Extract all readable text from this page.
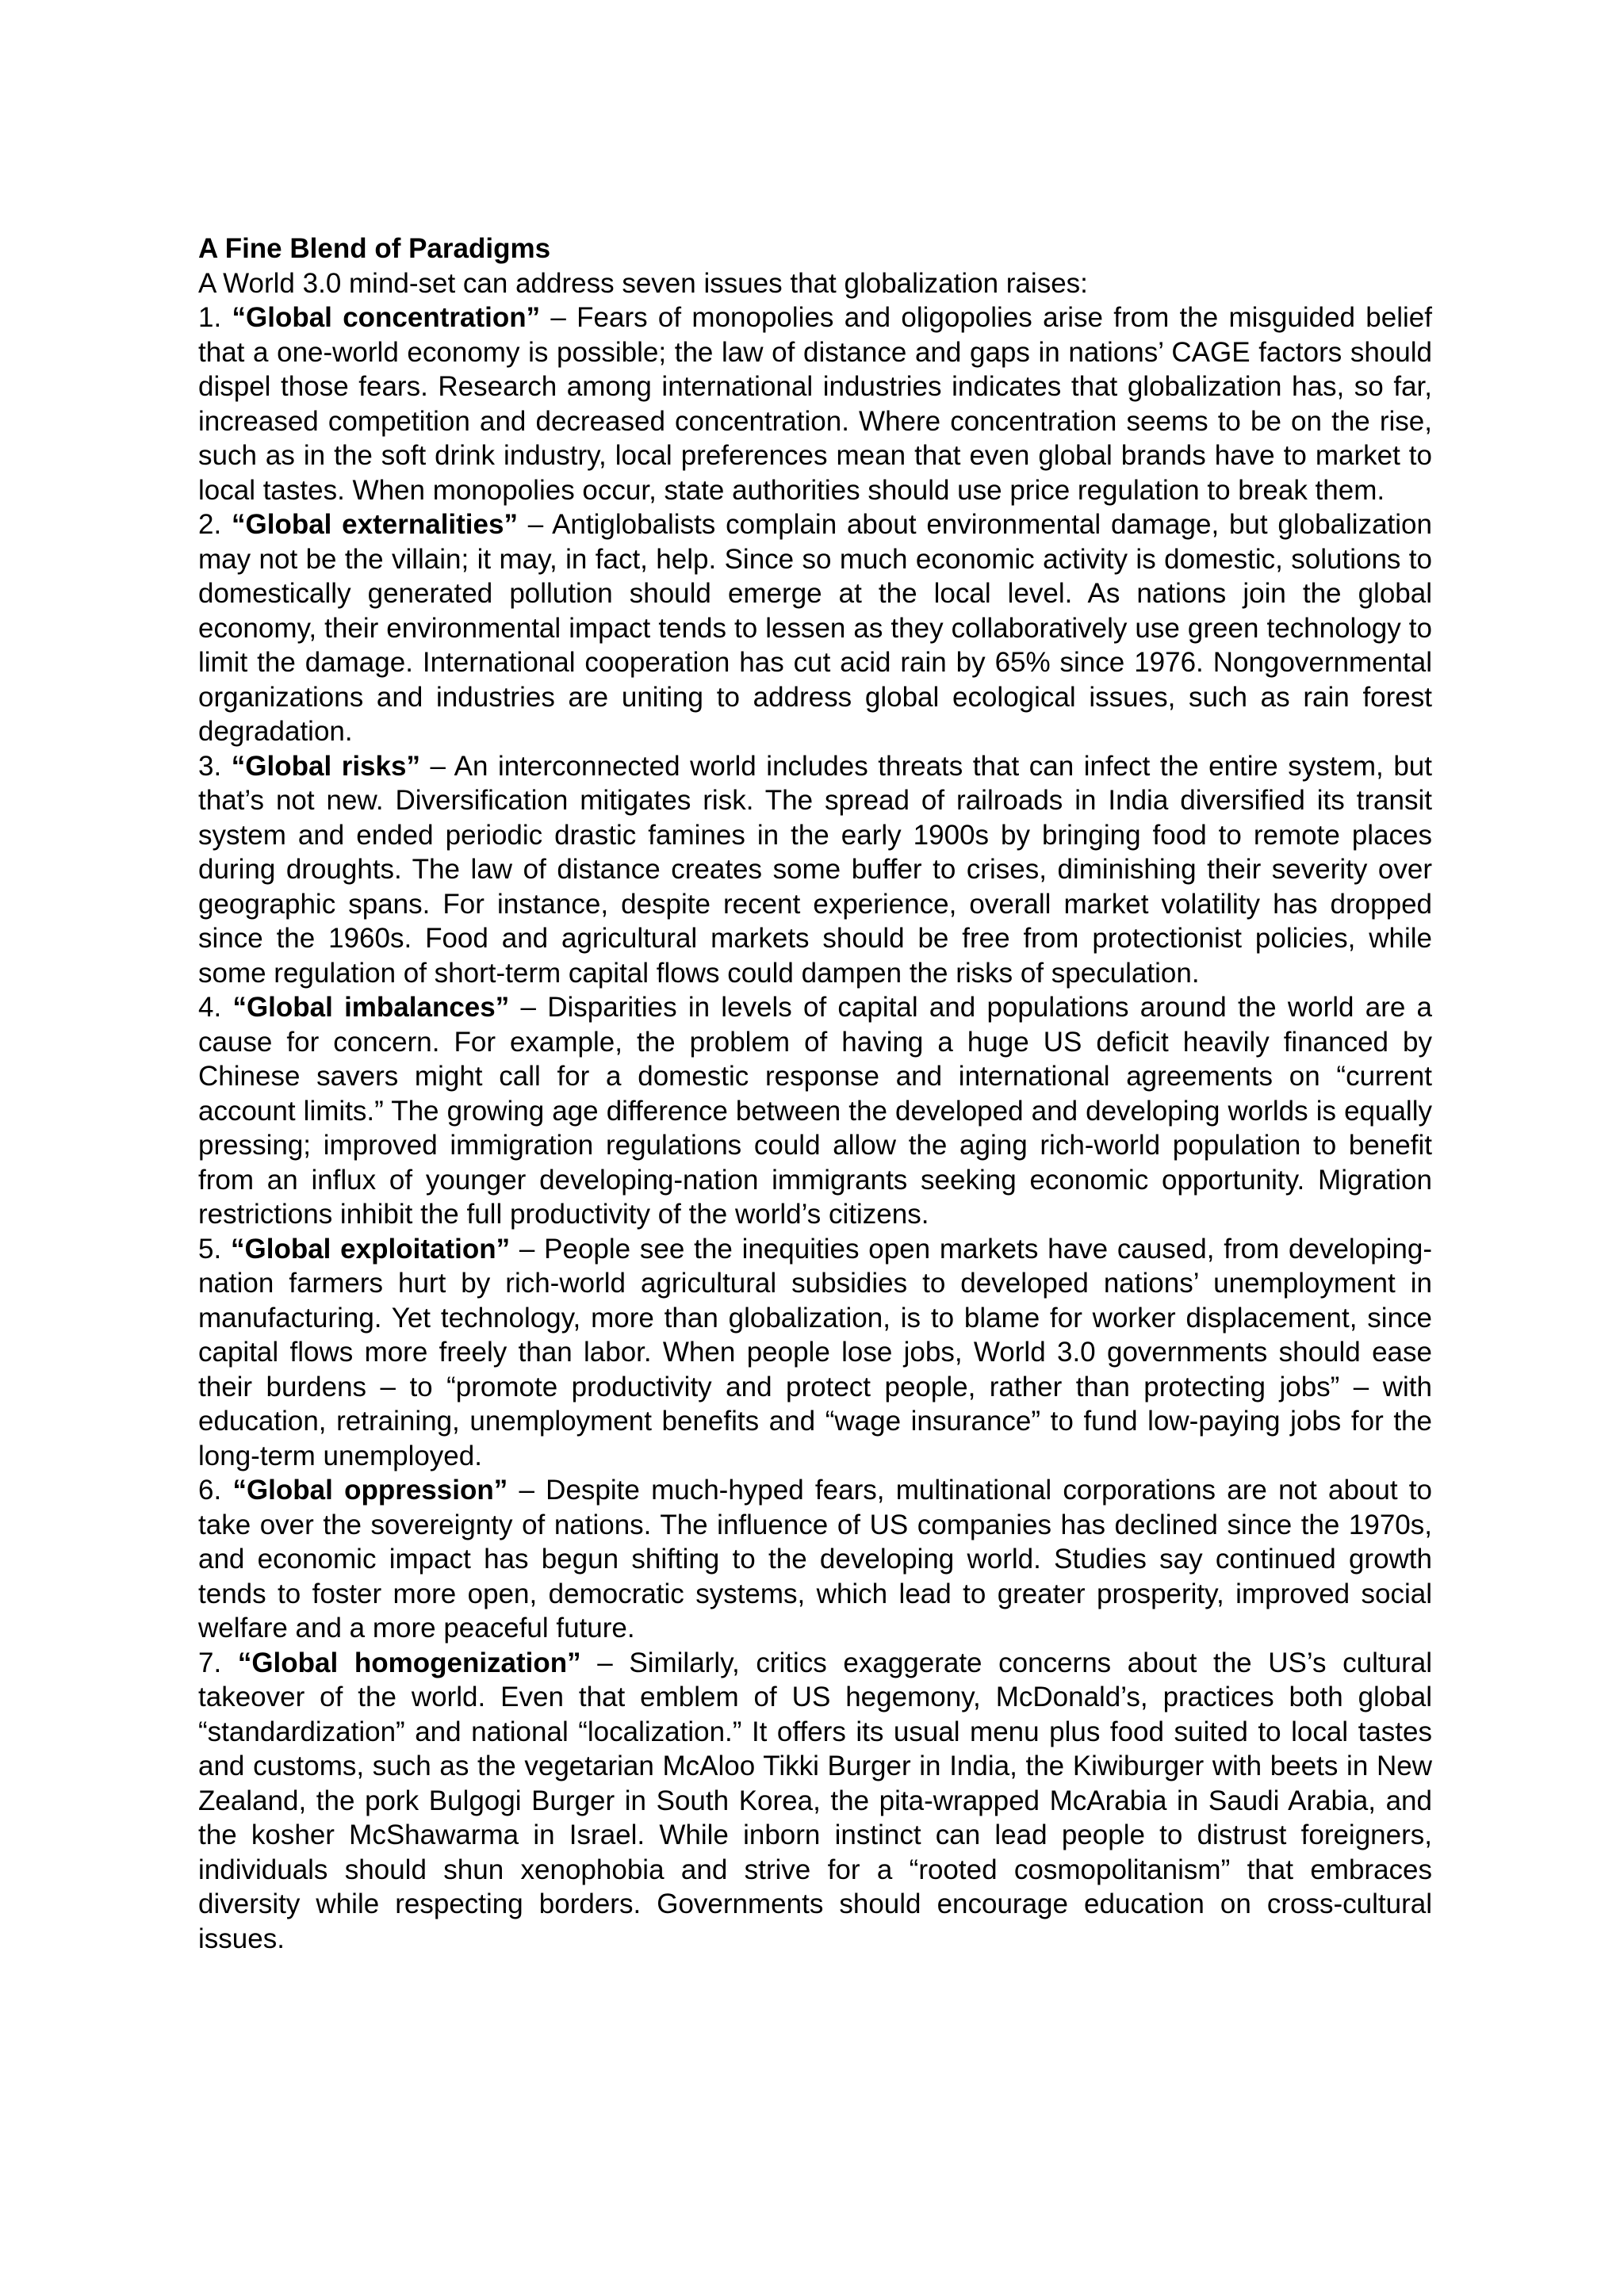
A Fine Blend of Paradigms

A World 3.0 mind-set can address seven issues that globalization raises:

1. “Global concentration” – Fears of monopolies and oligopolies arise from the misguided belief that a one-world economy is possible; the law of distance and gaps in nations’ CAGE factors should dispel those fears. Research among international industries indicates that globalization has, so far, increased competition and decreased concentration. Where concentration seems to be on the rise, such as in the soft drink industry, local preferences mean that even global brands have to market to local tastes. When monopolies occur, state authorities should use price regulation to break them.

2. “Global externalities” – Antiglobalists complain about environmental damage, but globalization may not be the villain; it may, in fact, help. Since so much economic activity is domestic, solutions to domestically generated pollution should emerge at the local level. As nations join the global economy, their environmental impact tends to lessen as they collaboratively use green technology to limit the damage. International cooperation has cut acid rain by 65% since 1976. Nongovernmental organizations and industries are uniting to address global ecological issues, such as rain forest degradation.

3. “Global risks” – An interconnected world includes threats that can infect the entire system, but that’s not new. Diversification mitigates risk. The spread of railroads in India diversified its transit system and ended periodic drastic famines in the early 1900s by bringing food to remote places during droughts. The law of distance creates some buffer to crises, diminishing their severity over geographic spans. For instance, despite recent experience, overall market volatility has dropped since the 1960s. Food and agricultural markets should be free from protectionist policies, while some regulation of short-term capital flows could dampen the risks of speculation.

4. “Global imbalances” – Disparities in levels of capital and populations around the world are a cause for concern. For example, the problem of having a huge US deficit heavily financed by Chinese savers might call for a domestic response and international agreements on “current account limits.” The growing age difference between the developed and developing worlds is equally pressing; improved immigration regulations could allow the aging rich-world population to benefit from an influx of younger developing-nation immigrants seeking economic opportunity. Migration restrictions inhibit the full productivity of the world’s citizens.

5. “Global exploitation” – People see the inequities open markets have caused, from developing-nation farmers hurt by rich-world agricultural subsidies to developed nations’ unemployment in manufacturing. Yet technology, more than globalization, is to blame for worker displacement, since capital flows more freely than labor. When people lose jobs, World 3.0 governments should ease their burdens – to “promote productivity and protect people, rather than protecting jobs” – with education, retraining, unemployment benefits and “wage insurance” to fund low-paying jobs for the long-term unemployed.

6. “Global oppression” – Despite much-hyped fears, multinational corporations are not about to take over the sovereignty of nations. The influence of US companies has declined since the 1970s, and economic impact has begun shifting to the developing world. Studies say continued growth tends to foster more open, democratic systems, which lead to greater prosperity, improved social welfare and a more peaceful future.

7. “Global homogenization” – Similarly, critics exaggerate concerns about the US’s cultural takeover of the world. Even that emblem of US hegemony, McDonald’s, practices both global “standardization” and national “localization.” It offers its usual menu plus food suited to local tastes and customs, such as the vegetarian McAloo Tikki Burger in India, the Kiwiburger with beets in New Zealand, the pork Bulgogi Burger in South Korea, the pita-wrapped McArabia in Saudi Arabia, and the kosher McShawarma in Israel. While inborn instinct can lead people to distrust foreigners, individuals should shun xenophobia and strive for a “rooted cosmopolitanism” that embraces diversity while respecting borders. Governments should encourage education on cross-cultural issues.
